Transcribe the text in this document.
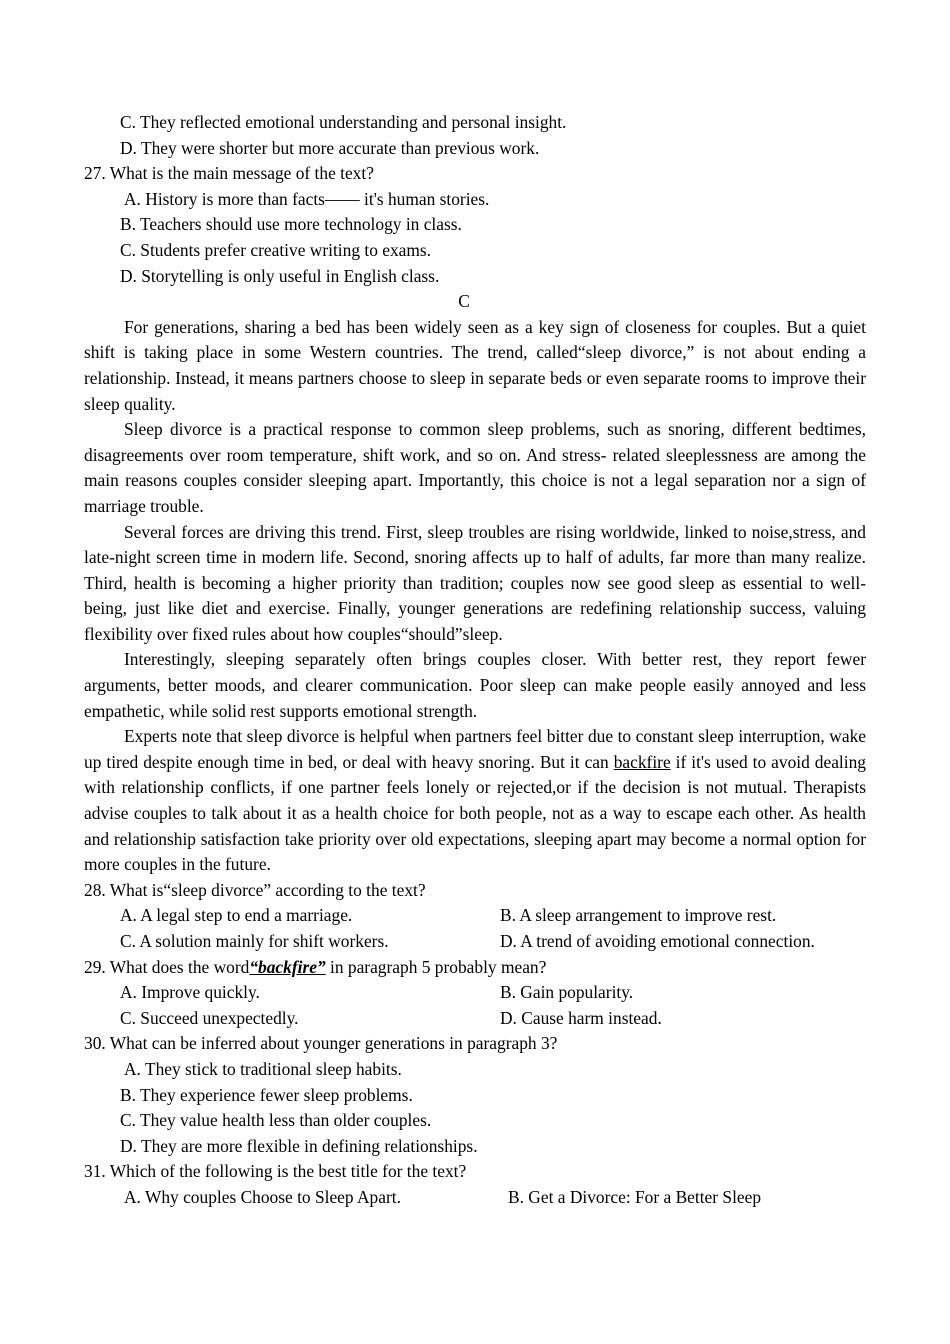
C. They reflected emotional understanding and personal insight.

D. They were shorter but more accurate than previous work.

27. What is the main message of the text?

A. History is more than facts—— it's human stories.

B. Teachers should use more technology in class.

C. Students prefer creative writing to exams.

D. Storytelling is only useful in English class.

C

For generations, sharing a bed has been widely seen as a key sign of closeness for couples. But a quiet shift is taking place in some Western countries. The trend, called“sleep divorce,” is not about ending a relationship. Instead, it means partners choose to sleep in separate beds or even separate rooms to improve their sleep quality.

Sleep divorce is a practical response to common sleep problems, such as snoring, different bedtimes, disagreements over room temperature, shift work, and so on. And stress- related sleeplessness are among the main reasons couples consider sleeping apart. Importantly, this choice is not a legal separation nor a sign of marriage trouble.

Several forces are driving this trend. First, sleep troubles are rising worldwide, linked to noise,stress, and late-night screen time in modern life. Second, snoring affects up to half of adults, far more than many realize. Third, health is becoming a higher priority than tradition; couples now see good sleep as essential to well- being, just like diet and exercise. Finally, younger generations are redefining relationship success, valuing flexibility over fixed rules about how couples“should”sleep.

Interestingly, sleeping separately often brings couples closer. With better rest, they report fewer arguments, better moods, and clearer communication. Poor sleep can make people easily annoyed and less empathetic, while solid rest supports emotional strength.

Experts note that sleep divorce is helpful when partners feel bitter due to constant sleep interruption, wake up tired despite enough time in bed, or deal with heavy snoring. But it can backfire if it's used to avoid dealing with relationship conflicts, if one partner feels lonely or rejected,or if the decision is not mutual. Therapists advise couples to talk about it as a health choice for both people, not as a way to escape each other. As health and relationship satisfaction take priority over old expectations, sleeping apart may become a normal option for more couples in the future.

28. What is“sleep divorce” according to the text?

A. A legal step to end a marriage.	B. A sleep arrangement to improve rest.
C. A solution mainly for shift workers.	D. A trend of avoiding emotional connection.

29. What does the word“backfire” in paragraph 5 probably mean?

A. Improve quickly.	B. Gain popularity.
C. Succeed unexpectedly.	D. Cause harm instead.

30. What can be inferred about younger generations in paragraph 3?

A. They stick to traditional sleep habits.

B. They experience fewer sleep problems.

C. They value health less than older couples.

D. They are more flexible in defining relationships.

31. Which of the following is the best title for the text?

A. Why couples Choose to Sleep Apart.	B. Get a Divorce: For a Better Sleep
